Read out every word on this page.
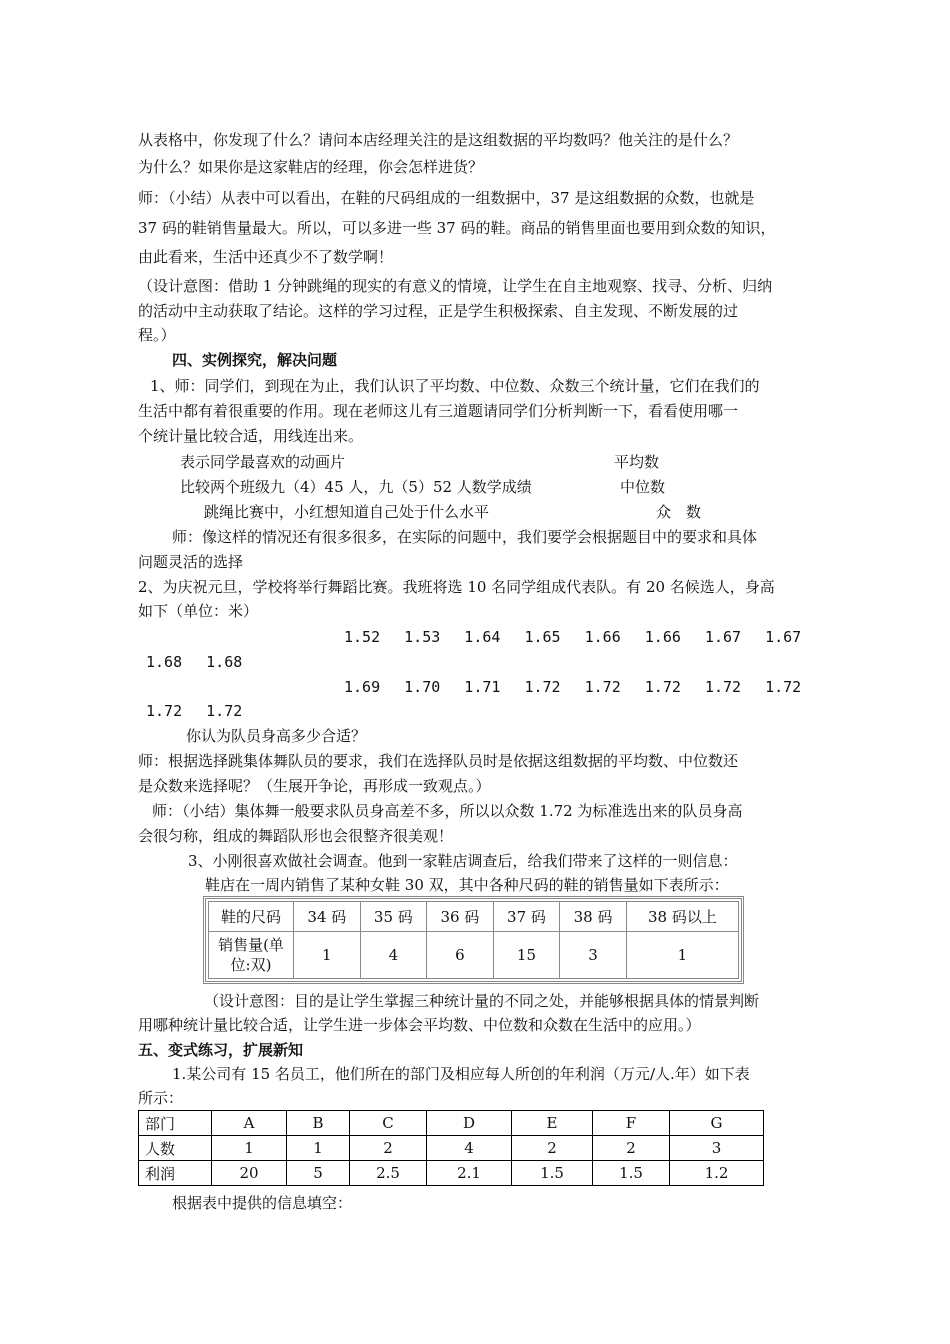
从表格中，你发现了什么？请问本店经理关注的是这组数据的平均数吗？他关注的是什么？
为什么？如果你是这家鞋店的经理，你会怎样进货？
师：（小结）从表中可以看出，在鞋的尺码组成的一组数据中，37 是这组数据的众数，也就是
37 码的鞋销售量最大。所以，可以多进一些 37 码的鞋。商品的销售里面也要用到众数的知识，
由此看来，生活中还真少不了数学啊！
（设计意图：借助 1 分钟跳绳的现实的有意义的情境，让学生在自主地观察、找寻、分析、归纳
的活动中主动获取了结论。这样的学习过程，正是学生积极探索、自主发现、不断发展的过
程。）
四、实例探究，解决问题
1、师：同学们，到现在为止，我们认识了平均数、中位数、众数三个统计量，它们在我们的
生活中都有着很重要的作用。现在老师这儿有三道题请同学们分析判断一下，看看使用哪一
个统计量比较合适，用线连出来。
表示同学最喜欢的动画片	平均数
比较两个班级九（4）45 人，九（5）52 人数学成绩	中位数
跳绳比赛中，小红想知道自己处于什么水平	众　数
师：像这样的情况还有很多很多，在实际的问题中，我们要学会根据题目中的要求和具体
问题灵活的选择
2、为庆祝元旦，学校将举行舞蹈比赛。我班将选 10 名同学组成代表队。有 20 名候选人，身高
如下（单位：米）
1.52　 1.53　 1.64　 1.65　 1.66　 1.66　 1.67　 1.67
1.68　 1.68
1.69　 1.70　 1.71　 1.72　 1.72　 1.72　 1.72　 1.72
1.72　 1.72
你认为队员身高多少合适？
师：根据选择跳集体舞队员的要求，我们在选择队员时是依据这组数据的平均数、中位数还
是众数来选择呢？（生展开争论，再形成一致观点。）
师：（小结）集体舞一般要求队员身高差不多，所以以众数 1.72 为标准选出来的队员身高
会很匀称，组成的舞蹈队形也会很整齐很美观！
3、小刚很喜欢做社会调查。他到一家鞋店调查后，给我们带来了这样的一则信息：
鞋店在一周内销售了某种女鞋 30 双，其中各种尺码的鞋的销售量如下表所示：
鞋的尺码	34 码	35 码	36 码	37 码	38 码	38 码以上

销售量(单
位:双)	1	4	6	15	3	1
（设计意图：目的是让学生掌握三种统计量的不同之处，并能够根据具体的情景判断
用哪种统计量比较合适，让学生进一步体会平均数、中位数和众数在生活中的应用。）
五、变式练习，扩展新知
1.某公司有 15 名员工，他们所在的部门及相应每人所创的年利润（万元/人.年）如下表
所示：
部门	A	B	C	D	E	F	G
人数	1	1	2	4	2	2	3
利润	20	5	2.5	2.1	1.5	1.5	1.2
根据表中提供的信息填空：
